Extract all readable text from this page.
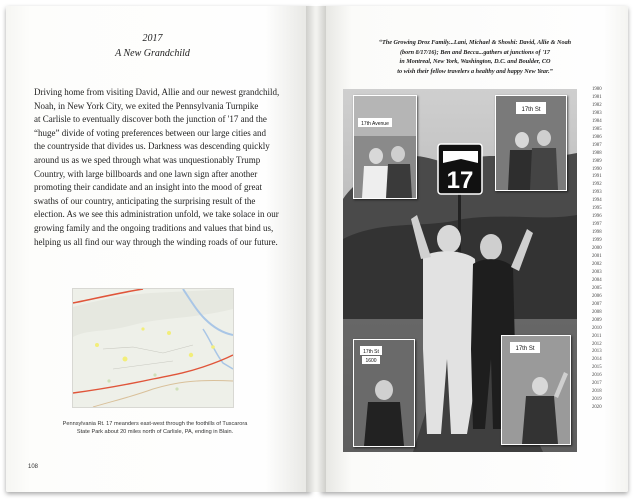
2017
A New Grandchild
Driving home from visiting David, Allie and our newest grandchild,
Noah, in New York City, we exited the Pennsylvania Turnpike
at Carlisle to eventually discover both the junction of '17 and the
“huge” divide of voting preferences between our large cities and
the countryside that divides us. Darkness was descending quickly
around us as we sped through what was unquestionably Trump
Country, with large billboards and one lawn sign after another
promoting their candidate and an insight into the mood of great
swaths of our country, anticipating the surprising result of the
election. As we see this administration unfold, we take solace in our
growing family and the ongoing traditions and values that bind us,
helping us all find our way through the winding roads of our future.
Pennsylvania Rt. 17 meanders east-west through the foothills of Tuscarora
State Park about 20 miles north of Carlisle, PA, ending in Blain.
108
“The Growing Droz Family...Lani, Michael & Shoshi: David, Allie & Noah
(born 8/17/16); Ben and Becca...gathers at junctions of '17
in Montreal, New York, Washington, D.C. and Boulder, CO
to wish their fellow travelers a healthy and happy New Year.”
17
17th Avenue
17th St
17th St
1600
17th St
1980
1981
1982
1983
1984
1985
1986
1987
1988
1989
1990
1991
1992
1993
1994
1995
1996
1997
1998
1999
2000
2001
2002
2003
2004
2005
2006
2007
2008
2009
2010
2011
2012
2013
2014
2015
2016
2017
2018
2019
2020
